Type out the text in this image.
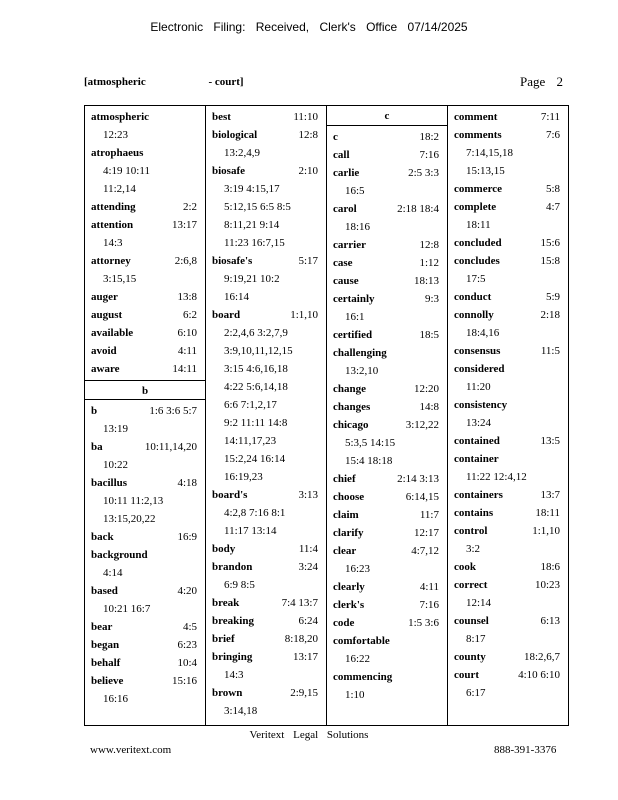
Electronic Filing: Received, Clerk's Office 07/14/2025
[atmospheric	- court]	Page 2
atmospheric
12:23
atrophaeus
4:19 10:11
11:2,14
attending	2:2
attention	13:17
14:3
attorney	2:6,8
3:15,15
auger	13:8
august	6:2
available	6:10
avoid	4:11
aware	14:11
b
b	1:6 3:6 5:7
13:19
ba	10:11,14,20
10:22
bacillus	4:18
10:11 11:2,13
13:15,20,22
back	16:9
background
4:14
based	4:20
10:21 16:7
bear	4:5
began	6:23
behalf	10:4
believe	15:16
16:16
best	11:10
biological	12:8
13:2,4,9
biosafe	2:10
3:19 4:15,17
5:12,15 6:5 8:5
8:11,21 9:14
11:23 16:7,15
biosafe's	5:17
9:19,21 10:2
16:14
board	1:1,10
2:2,4,6 3:2,7,9
3:9,10,11,12,15
3:15 4:6,16,18
4:22 5:6,14,18
6:6 7:1,2,17
9:2 11:11 14:8
14:11,17,23
15:2,24 16:14
16:19,23
board's	3:13
4:2,8 7:16 8:1
11:17 13:14
body	11:4
brandon	3:24
6:9 8:5
break	7:4 13:7
breaking	6:24
brief	8:18,20
bringing	13:17
14:3
brown	2:9,15
3:14,18
c
c	18:2
call	7:16
carlie	2:5 3:3
16:5
carol	2:18 18:4
18:16
carrier	12:8
case	1:12
cause	18:13
certainly	9:3
16:1
certified	18:5
challenging
13:2,10
change	12:20
changes	14:8
chicago	3:12,22
5:3,5 14:15
15:4 18:18
chief	2:14 3:13
choose	6:14,15
claim	11:7
clarify	12:17
clear	4:7,12
16:23
clearly	4:11
clerk's	7:16
code	1:5 3:6
comfortable
16:22
commencing
1:10
comment	7:11
comments	7:6
7:14,15,18
15:13,15
commerce	5:8
complete	4:7
18:11
concluded	15:6
concludes	15:8
17:5
conduct	5:9
connolly	2:18
18:4,16
consensus	11:5
considered
11:20
consistency
13:24
contained	13:5
container
11:22 12:4,12
containers	13:7
contains	18:11
control	1:1,10
3:2
cook	18:6
correct	10:23
12:14
counsel	6:13
8:17
county	18:2,6,7
court	4:10 6:10
6:17
Veritext Legal Solutions
www.veritext.com	888-391-3376
